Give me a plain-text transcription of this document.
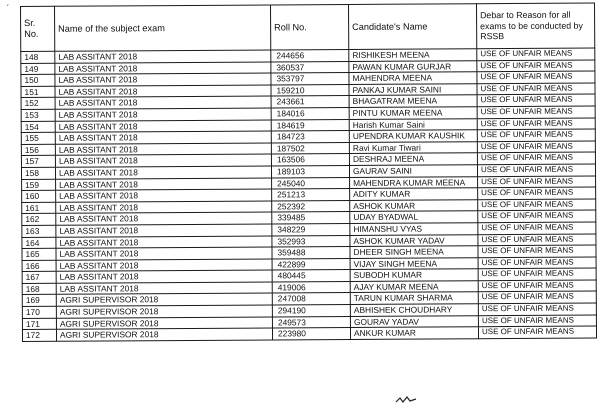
ˊ
Sr. No.	Name of the subject exam	Roll No.	Candidate's Name	Debar to Reason for all exams to be conducted by RSSB
148	LAB ASSITANT 2018	244656	RISHIKESH MEENA	USE OF UNFAIR MEANS
149	LAB ASSITANT 2018	360537	PAWAN KUMAR GURJAR	USE OF UNFAIR MEANS
150	LAB ASSITANT 2018	353797	MAHENDRA MEENA	USE OF UNFAIR MEANS
151	LAB ASSITANT 2018	159210	PANKAJ KUMAR SAINI	USE OF UNFAIR MEANS
152	LAB ASSITANT 2018	243661	BHAGATRAM MEENA	USE OF UNFAIR MEANS
153	LAB ASSITANT 2018	184016	PINTU KUMAR MEENA	USE OF UNFAIR MEANS
154	LAB ASSITANT 2018	184619	Harish Kumar Saini	USE OF UNFAIR MEANS
155	LAB ASSITANT 2018	184723	UPENDRA KUMAR KAUSHIK	USE OF UNFAIR MEANS
156	LAB ASSITANT 2018	187502	Ravi Kumar Tiwari	USE OF UNFAIR MEANS
157	LAB ASSITANT 2018	163506	DESHRAJ MEENA	USE OF UNFAIR MEANS
158	LAB ASSITANT 2018	189103	GAURAV SAINI	USE OF UNFAIR MEANS
159	LAB ASSITANT 2018	245040	MAHENDRA KUMAR MEENA	USE OF UNFAIR MEANS
160	LAB ASSITANT 2018	251213	ADITY KUMAR	USE OF UNFAIR MEANS
161	LAB ASSITANT 2018	252392	ASHOK KUMAR	USE OF UNFAIR MEANS
162	LAB ASSITANT 2018	339485	UDAY BYADWAL	USE OF UNFAIR MEANS
163	LAB ASSITANT 2018	348229	HIMANSHU VYAS	USE OF UNFAIR MEANS
164	LAB ASSITANT 2018	352993	ASHOK KUMAR YADAV	USE OF UNFAIR MEANS
165	LAB ASSITANT 2018	359488	DHEER SINGH MEENA	USE OF UNFAIR MEANS
166	LAB ASSITANT 2018	422899	VIJAY SINGH MEENA	USE OF UNFAIR MEANS
167	LAB ASSITANT 2018	480445	SUBODH KUMAR	USE OF UNFAIR MEANS
168	LAB ASSITANT 2018	419006	AJAY KUMAR MEENA	USE OF UNFAIR MEANS
169	AGRI SUPERVISOR 2018	247008	TARUN KUMAR SHARMA	USE OF UNFAIR MEANS
170	AGRI SUPERVISOR 2018	294190	ABHISHEK CHOUDHARY	USE OF UNFAIR MEANS
171	AGRI SUPERVISOR 2018	249573	GOURAV YADAV	USE OF UNFAIR MEANS
172	AGRI SUPERVISOR 2018	223980	ANKUR KUMAR	USE OF UNFAIR MEANS
